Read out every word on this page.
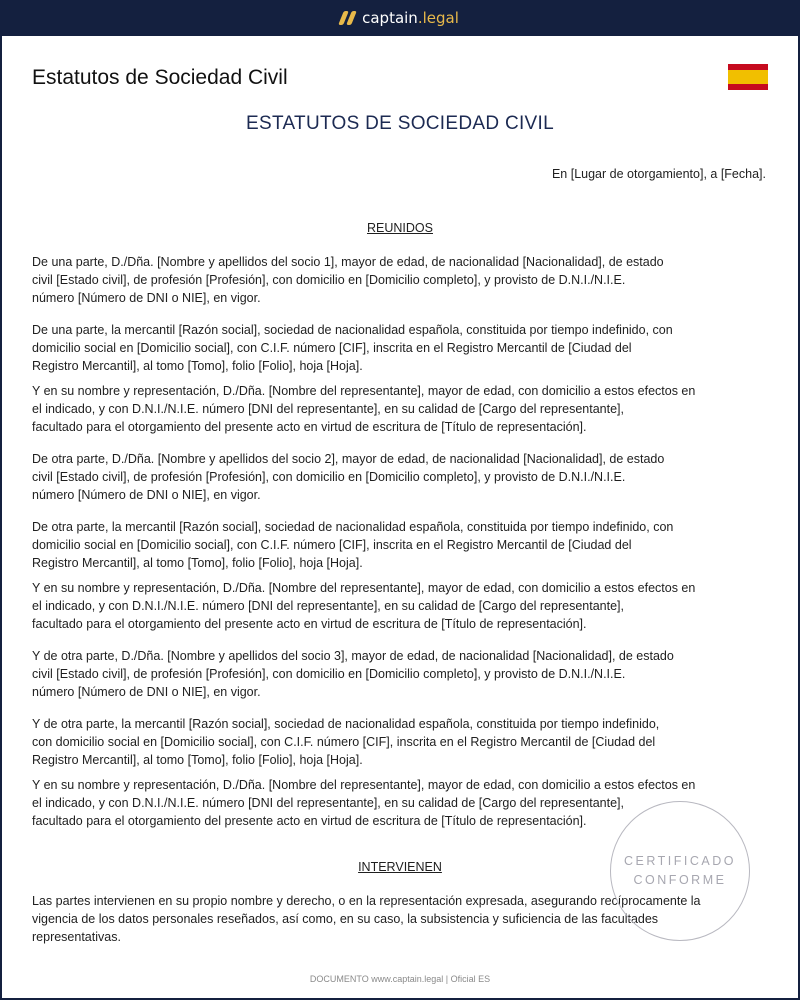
captain.legal
Estatutos de Sociedad Civil
ESTATUTOS DE SOCIEDAD CIVIL
En [Lugar de otorgamiento], a [Fecha].
REUNIDOS
De una parte, D./Dña. [Nombre y apellidos del socio 1], mayor de edad, de nacionalidad [Nacionalidad], de estado
civil [Estado civil], de profesión [Profesión], con domicilio en [Domicilio completo], y provisto de D.N.I./N.I.E.
número [Número de DNI o NIE], en vigor.
De una parte, la mercantil [Razón social], sociedad de nacionalidad española, constituida por tiempo indefinido, con
domicilio social en [Domicilio social], con C.I.F. número [CIF], inscrita en el Registro Mercantil de [Ciudad del
Registro Mercantil], al tomo [Tomo], folio [Folio], hoja [Hoja].
Y en su nombre y representación, D./Dña. [Nombre del representante], mayor de edad, con domicilio a estos efectos en
el indicado, y con D.N.I./N.I.E. número [DNI del representante], en su calidad de [Cargo del representante],
facultado para el otorgamiento del presente acto en virtud de escritura de [Título de representación].
De otra parte, D./Dña. [Nombre y apellidos del socio 2], mayor de edad, de nacionalidad [Nacionalidad], de estado
civil [Estado civil], de profesión [Profesión], con domicilio en [Domicilio completo], y provisto de D.N.I./N.I.E.
número [Número de DNI o NIE], en vigor.
De otra parte, la mercantil [Razón social], sociedad de nacionalidad española, constituida por tiempo indefinido, con
domicilio social en [Domicilio social], con C.I.F. número [CIF], inscrita en el Registro Mercantil de [Ciudad del
Registro Mercantil], al tomo [Tomo], folio [Folio], hoja [Hoja].
Y en su nombre y representación, D./Dña. [Nombre del representante], mayor de edad, con domicilio a estos efectos en
el indicado, y con D.N.I./N.I.E. número [DNI del representante], en su calidad de [Cargo del representante],
facultado para el otorgamiento del presente acto en virtud de escritura de [Título de representación].
Y de otra parte, D./Dña. [Nombre y apellidos del socio 3], mayor de edad, de nacionalidad [Nacionalidad], de estado
civil [Estado civil], de profesión [Profesión], con domicilio en [Domicilio completo], y provisto de D.N.I./N.I.E.
número [Número de DNI o NIE], en vigor.
Y de otra parte, la mercantil [Razón social], sociedad de nacionalidad española, constituida por tiempo indefinido,
con domicilio social en [Domicilio social], con C.I.F. número [CIF], inscrita en el Registro Mercantil de [Ciudad del
Registro Mercantil], al tomo [Tomo], folio [Folio], hoja [Hoja].
Y en su nombre y representación, D./Dña. [Nombre del representante], mayor de edad, con domicilio a estos efectos en
el indicado, y con D.N.I./N.I.E. número [DNI del representante], en su calidad de [Cargo del representante],
facultado para el otorgamiento del presente acto en virtud de escritura de [Título de representación].
INTERVIENEN
Las partes intervienen en su propio nombre y derecho, o en la representación expresada, asegurando recíprocamente la
vigencia de los datos personales reseñados, así como, en su caso, la subsistencia y suficiencia de las facultades
representativas.
CERTIFICADO
CONFORME
DOCUMENTO www.captain.legal | Oficial ES
